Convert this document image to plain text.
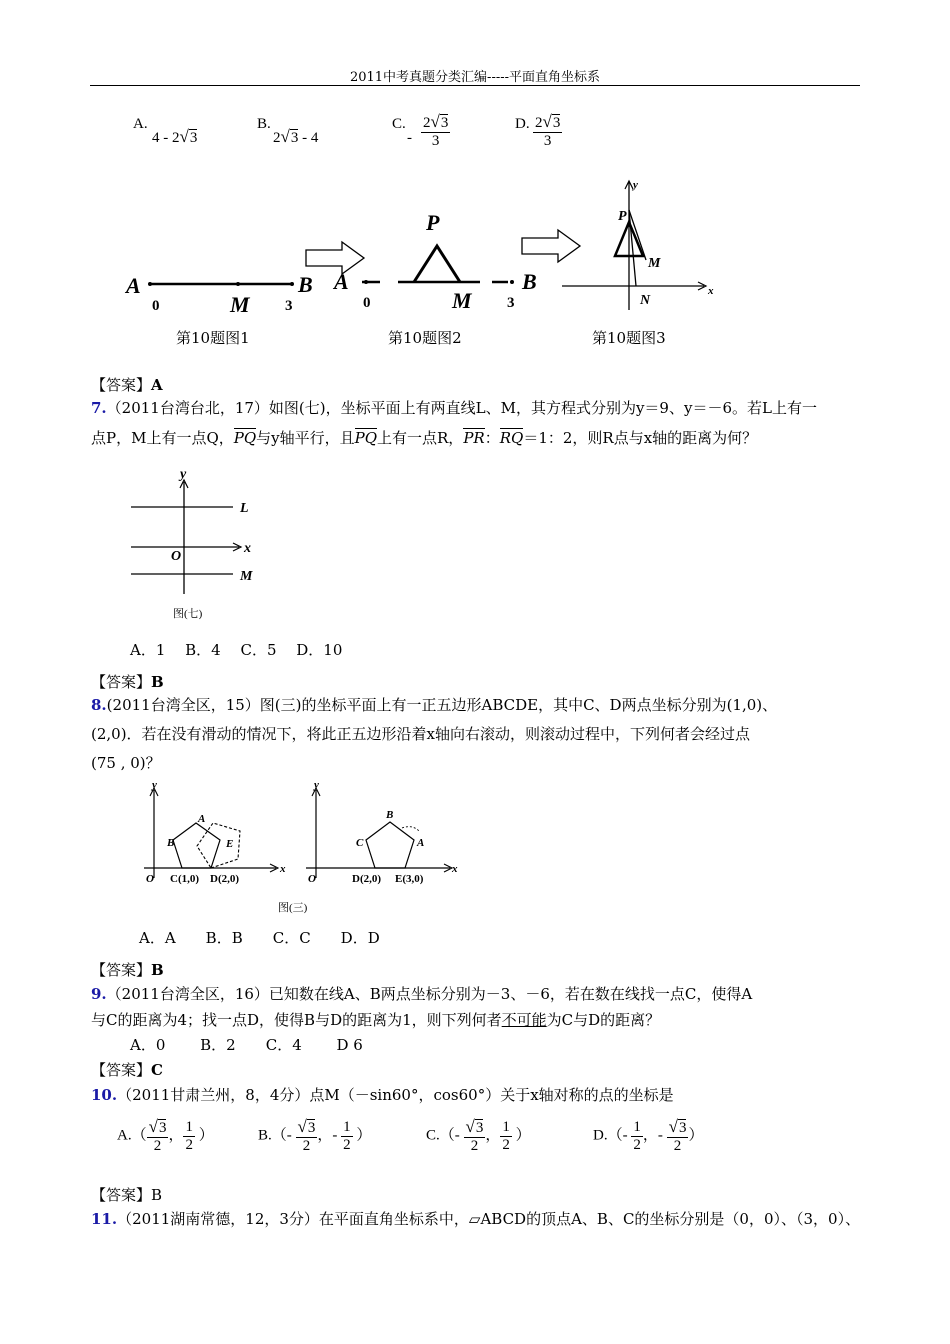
2011中考真题分类汇编-----平面直角坐标系
A.
4 - 2√3
B.
2√3 - 4
C.
- $\frac{2√3}{3}$	D. $\frac{2√3}{3}$
A
0	M 3
B A
0
P
M 3
B
y
P
M
N
x
第10题图1	第10题图2	第10题图3
【答案】A
7.（2011台湾台北，17）如图(七)，坐标平面上有两直线L、M，其方程式分别为y＝9、y＝－6。若L上有一
点P，M上有一点Q，PQ与y轴平行，且PQ上有一点R，PR：RQ＝1：2，则R点与x轴的距离为何？
y
L
x
O
M
图(七)
A．1　 B．4　 C．5　 D．10
【答案】B
8.(2011台湾全区，15）图(三)的坐标平面上有一正五边形ABCDE，其中C、D两点坐标分别为(1,0)、
(2,0)．若在没有滑动的情况下，将此正五边形沿着x轴向右滚动，则滚动过程中，下列何者会经过点
(75 , 0)？
y
A
B	E
O C(1,0) D(2,0)
x
y
B
C	A
O	D(2,0) E(3,0)
x
图(三)
A．A　　B．B　　C．C　　D．D
【答案】B
9.（2011台湾全区，16）已知数在线A、B两点坐标分别为－3、－6，若在数在线找一点C，使得A
与C的距离为4；找一点D，使得B与D的距离为1，则下列何者不可能为C与D的距离？
A．0　　 B．2　　C．4　　 D 6
【答案】C
10.（2011甘肃兰州，8，4分）点M（－sin60°，cos60°）关于x轴对称的点的坐标是
$A.( \frac{√3}{2}$ ， $\frac{1}{2}$ ）	$B.(- \frac{√3}{2}$ ，- $\frac{1}{2}$ ）	$C.(- \frac{√3}{2}$ ， $\frac{1}{2}$ ）	$D.(- \frac{1}{2}$ ，- $\frac{√3}{2}$ ）
【答案】B
11.（2011湖南常德，12，3分）在平面直角坐标系中，▱ABCD的顶点A、B、C的坐标分别是（0，0）、（3，0）、
